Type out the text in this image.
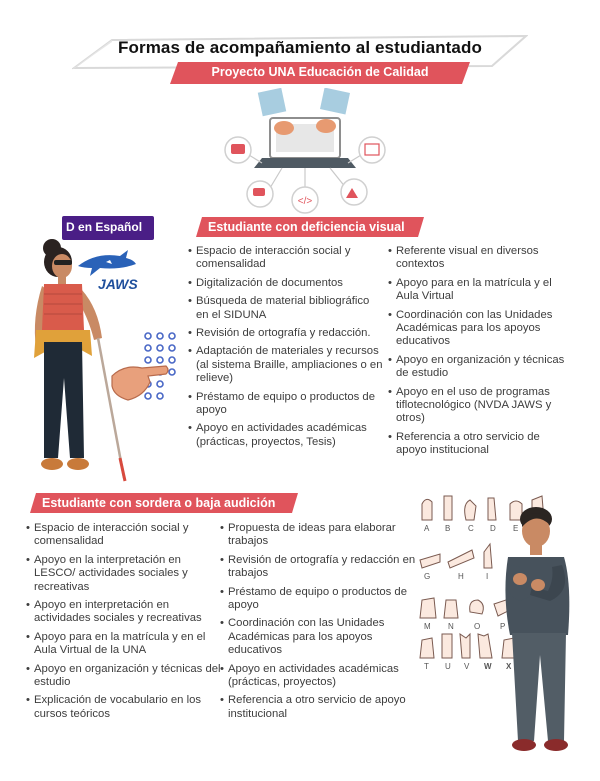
Formas de acompañamiento al estudiantado
Proyecto UNA Educación de Calidad
</>
D en Español
JAWS
Estudiante con deficiencia visual
• Espacio de interacción social y comensalidad
• Digitalización de documentos
• Búsqueda de material bibliográfico en el SIDUNA
• Revisión de ortografía y redacción.
• Adaptación de materiales y recursos (al sistema Braille, ampliaciones o en relieve)
• Préstamo de equipo o productos de apoyo
• Apoyo en actividades académicas (prácticas, proyectos, Tesis)
• Referente visual en diversos contextos
• Apoyo para en la matrícula y el Aula Virtual
• Coordinación con las Unidades Académicas para los apoyos educativos
• Apoyo en organización y técnicas de estudio
• Apoyo en el uso de programas tiflotecnológico (NVDA JAWS y otros)
• Referencia a otro servicio de apoyo institucional
Estudiante con sordera o baja audición
• Espacio de interacción social y comensalidad
• Apoyo en la interpretación en LESCO/ actividades sociales y recreativas
• Apoyo en interpretación en actividades sociales y recreativas
• Apoyo para en la matrícula y en el Aula Virtual de la UNA
• Apoyo en organización y técnicas del estudio
• Explicación de vocabulario en los cursos teóricos
• Propuesta de ideas para elaborar trabajos
• Revisión de ortografía y redacción en trabajos
• Préstamo de equipo o productos de apoyo
• Coordinación con las Unidades Académicas para los apoyos educativos
• Apoyo en actividades académicas (prácticas, proyectos)
• Referencia a otro servicio de apoyo institucional
A B C D E
G	H	I
M N	O P
T U V W X
